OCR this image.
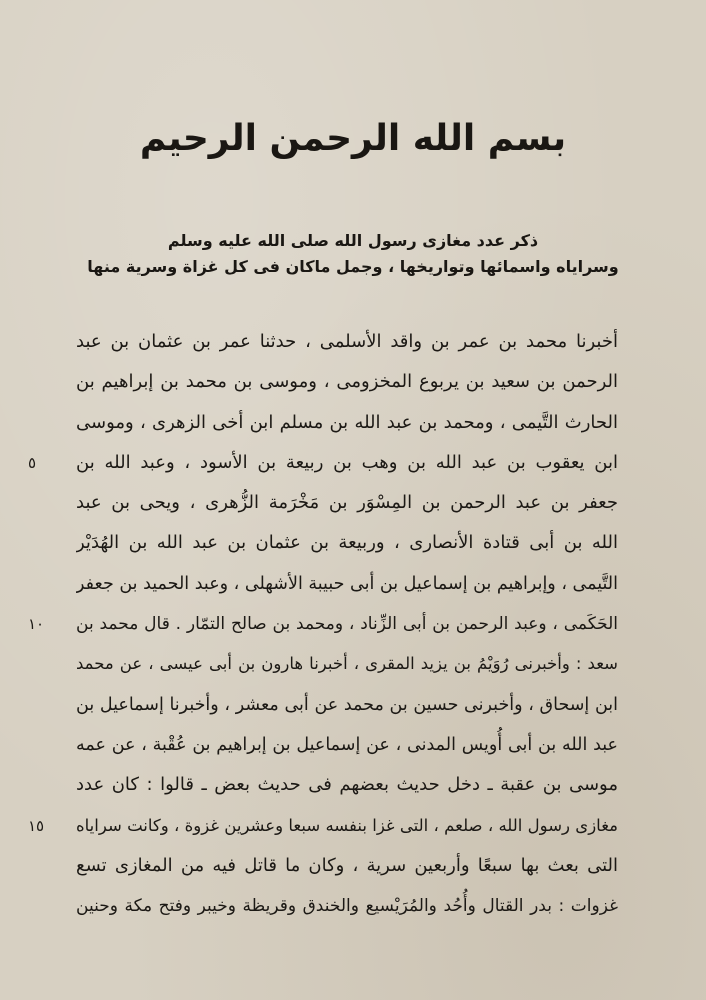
بسم الله الرحمن الرحيم
ذكر عدد مغازى رسول الله صلى الله عليه وسلم
وسراياه واسمائها وتواريخها ، وجمل ماكان فى كل غزاة وسرية منها
أخبرنا محمد بن عمر بن واقد الأسلمى ، حدثنا عمر بن عثمان بن عبد
الرحمن بن سعيد بن يربوع المخزومى ، وموسى بن محمد بن إبراهيم بن
الحارث التَّيمى ، ومحمد بن عبد الله بن مسلم ابن أخى الزهرى ، وموسى
ابن يعقوب بن عبد الله بن وهب بن ربيعة بن الأسود ، وعبد الله بن
جعفر بن عبد الرحمن بن المِسْوَر بن مَخْرَمة الزُّهرى ، ويحى بن عبد
الله بن أبى قتادة الأنصارى ، وربيعة بن عثمان بن عبد الله بن الهُدَيْر
التَّيمى ، وإبراهيم بن إسماعيل بن أبى حبيبة الأشهلى ، وعبد الحميد بن جعفر
الحَكَمى ، وعبد الرحمن بن أبى الزِّناد ، ومحمد بن صالح التمّار . قال محمد بن
سعد : وأخبرنى رُوَيْمُ بن يزيد المقرى ، أخبرنا هارون بن أبى عيسى ، عن محمد
ابن إسحاق ، وأخبرنى حسين بن محمد عن أبى معشر ، وأخبرنا إسماعيل بن
عبد الله بن أبى أُويس المدنى ، عن إسماعيل بن إبراهيم بن عُقْبة ، عن عمه
موسى بن عقبة ـ دخل حديث بعضهم فى حديث بعض ـ قالوا : كان عدد
مغازى رسول الله ، صلعم ، التى غزا بنفسه سبعا وعشرين غزوة ، وكانت سراياه
التى بعث بها سبعًا وأربعين سرية ، وكان ما قاتل فيه من المغازى تسع
غزوات : بدر القتال وأُحُد والمُرَيْسيع والخندق وقريظة وخيبر وفتح مكة وحنين
٥
١٠
١٥
